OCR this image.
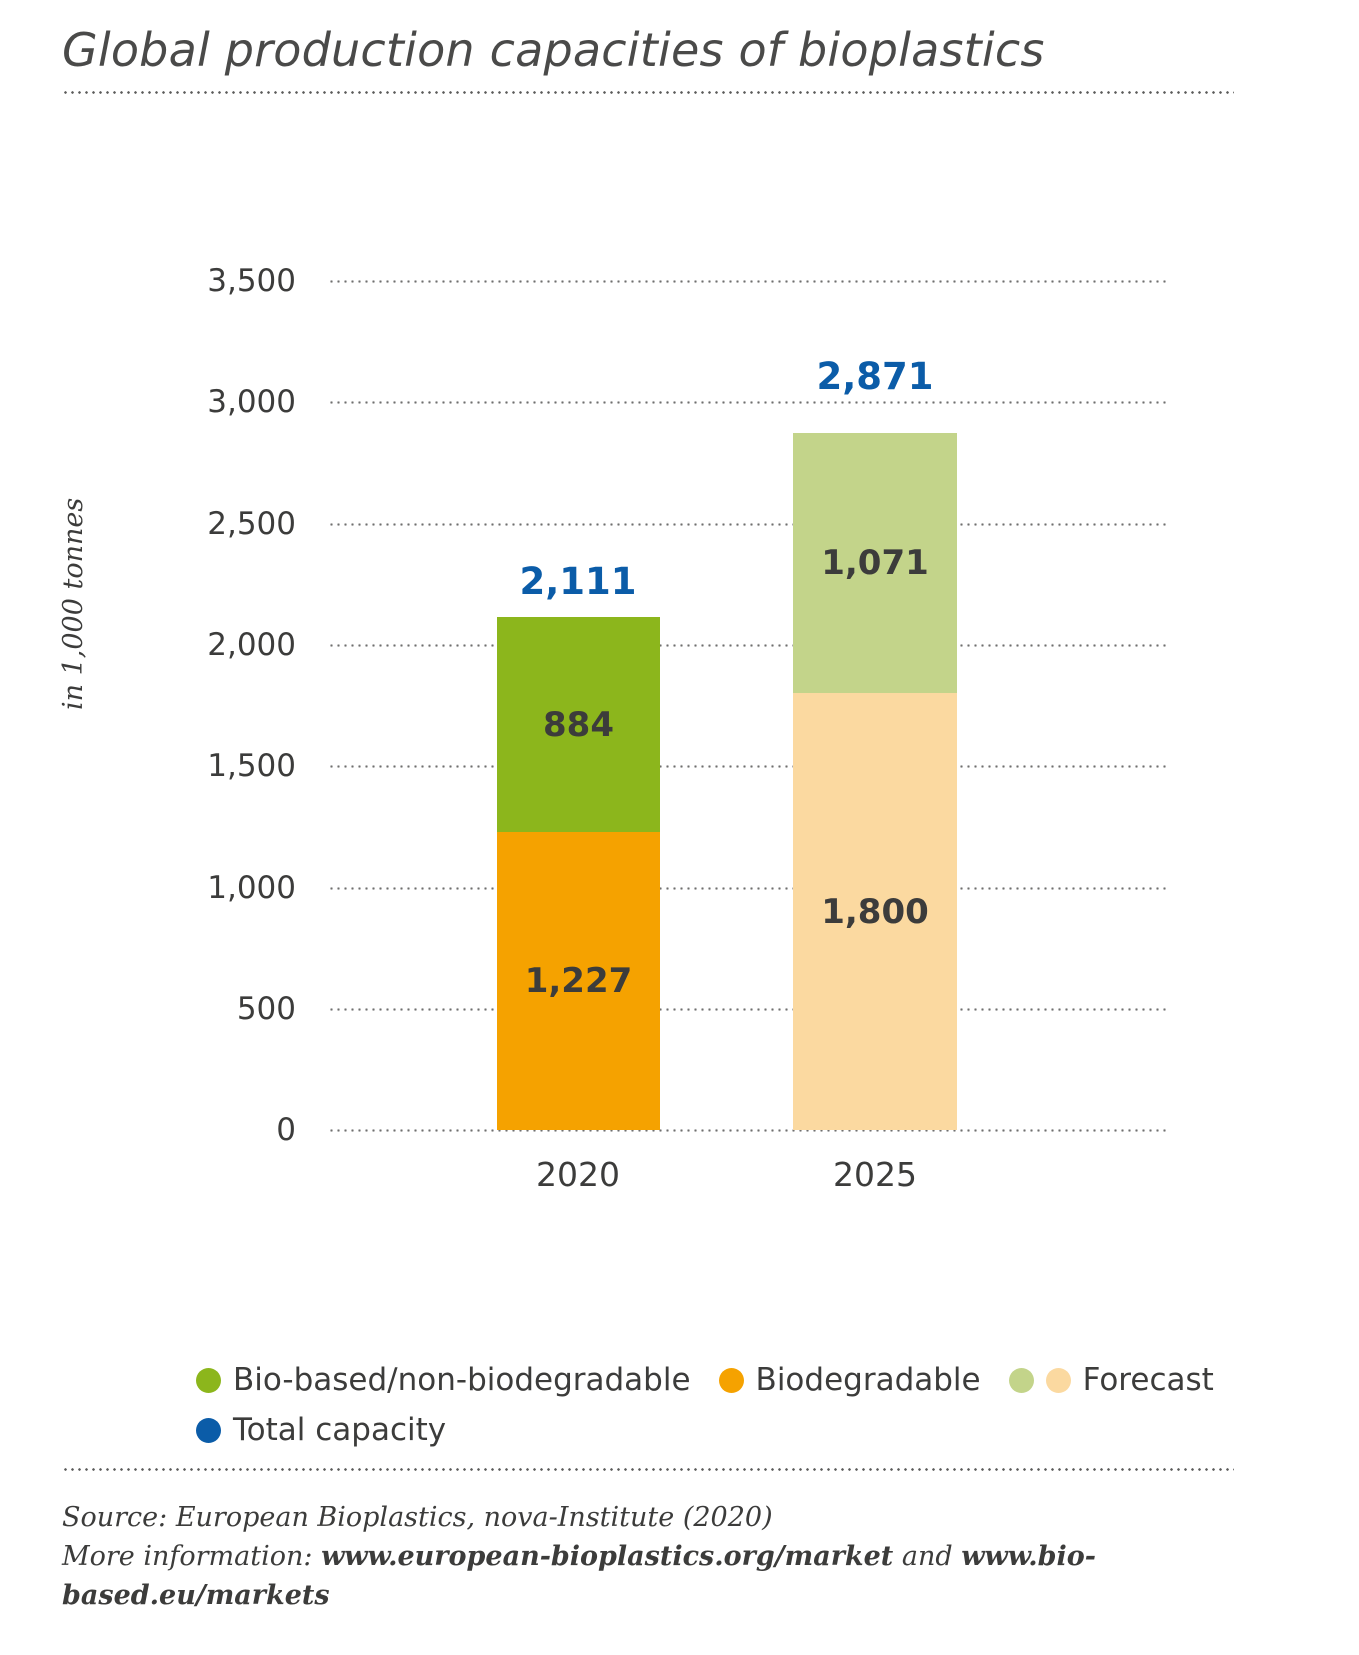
Global production capacities of bioplastics
in 1,000 tonnes
0
500
1,000
1,500
2,000
2,500
3,000
3,500
1,227
884
2,111
2020
1,800
1,071
2,871
2025
Bio-based/non-biodegradable Biodegradable	Forecast
Total capacity
Source: European Bioplastics, nova-Institute (2020)
More information: www.european-bioplastics.org/market and www.bio-based.eu/markets
